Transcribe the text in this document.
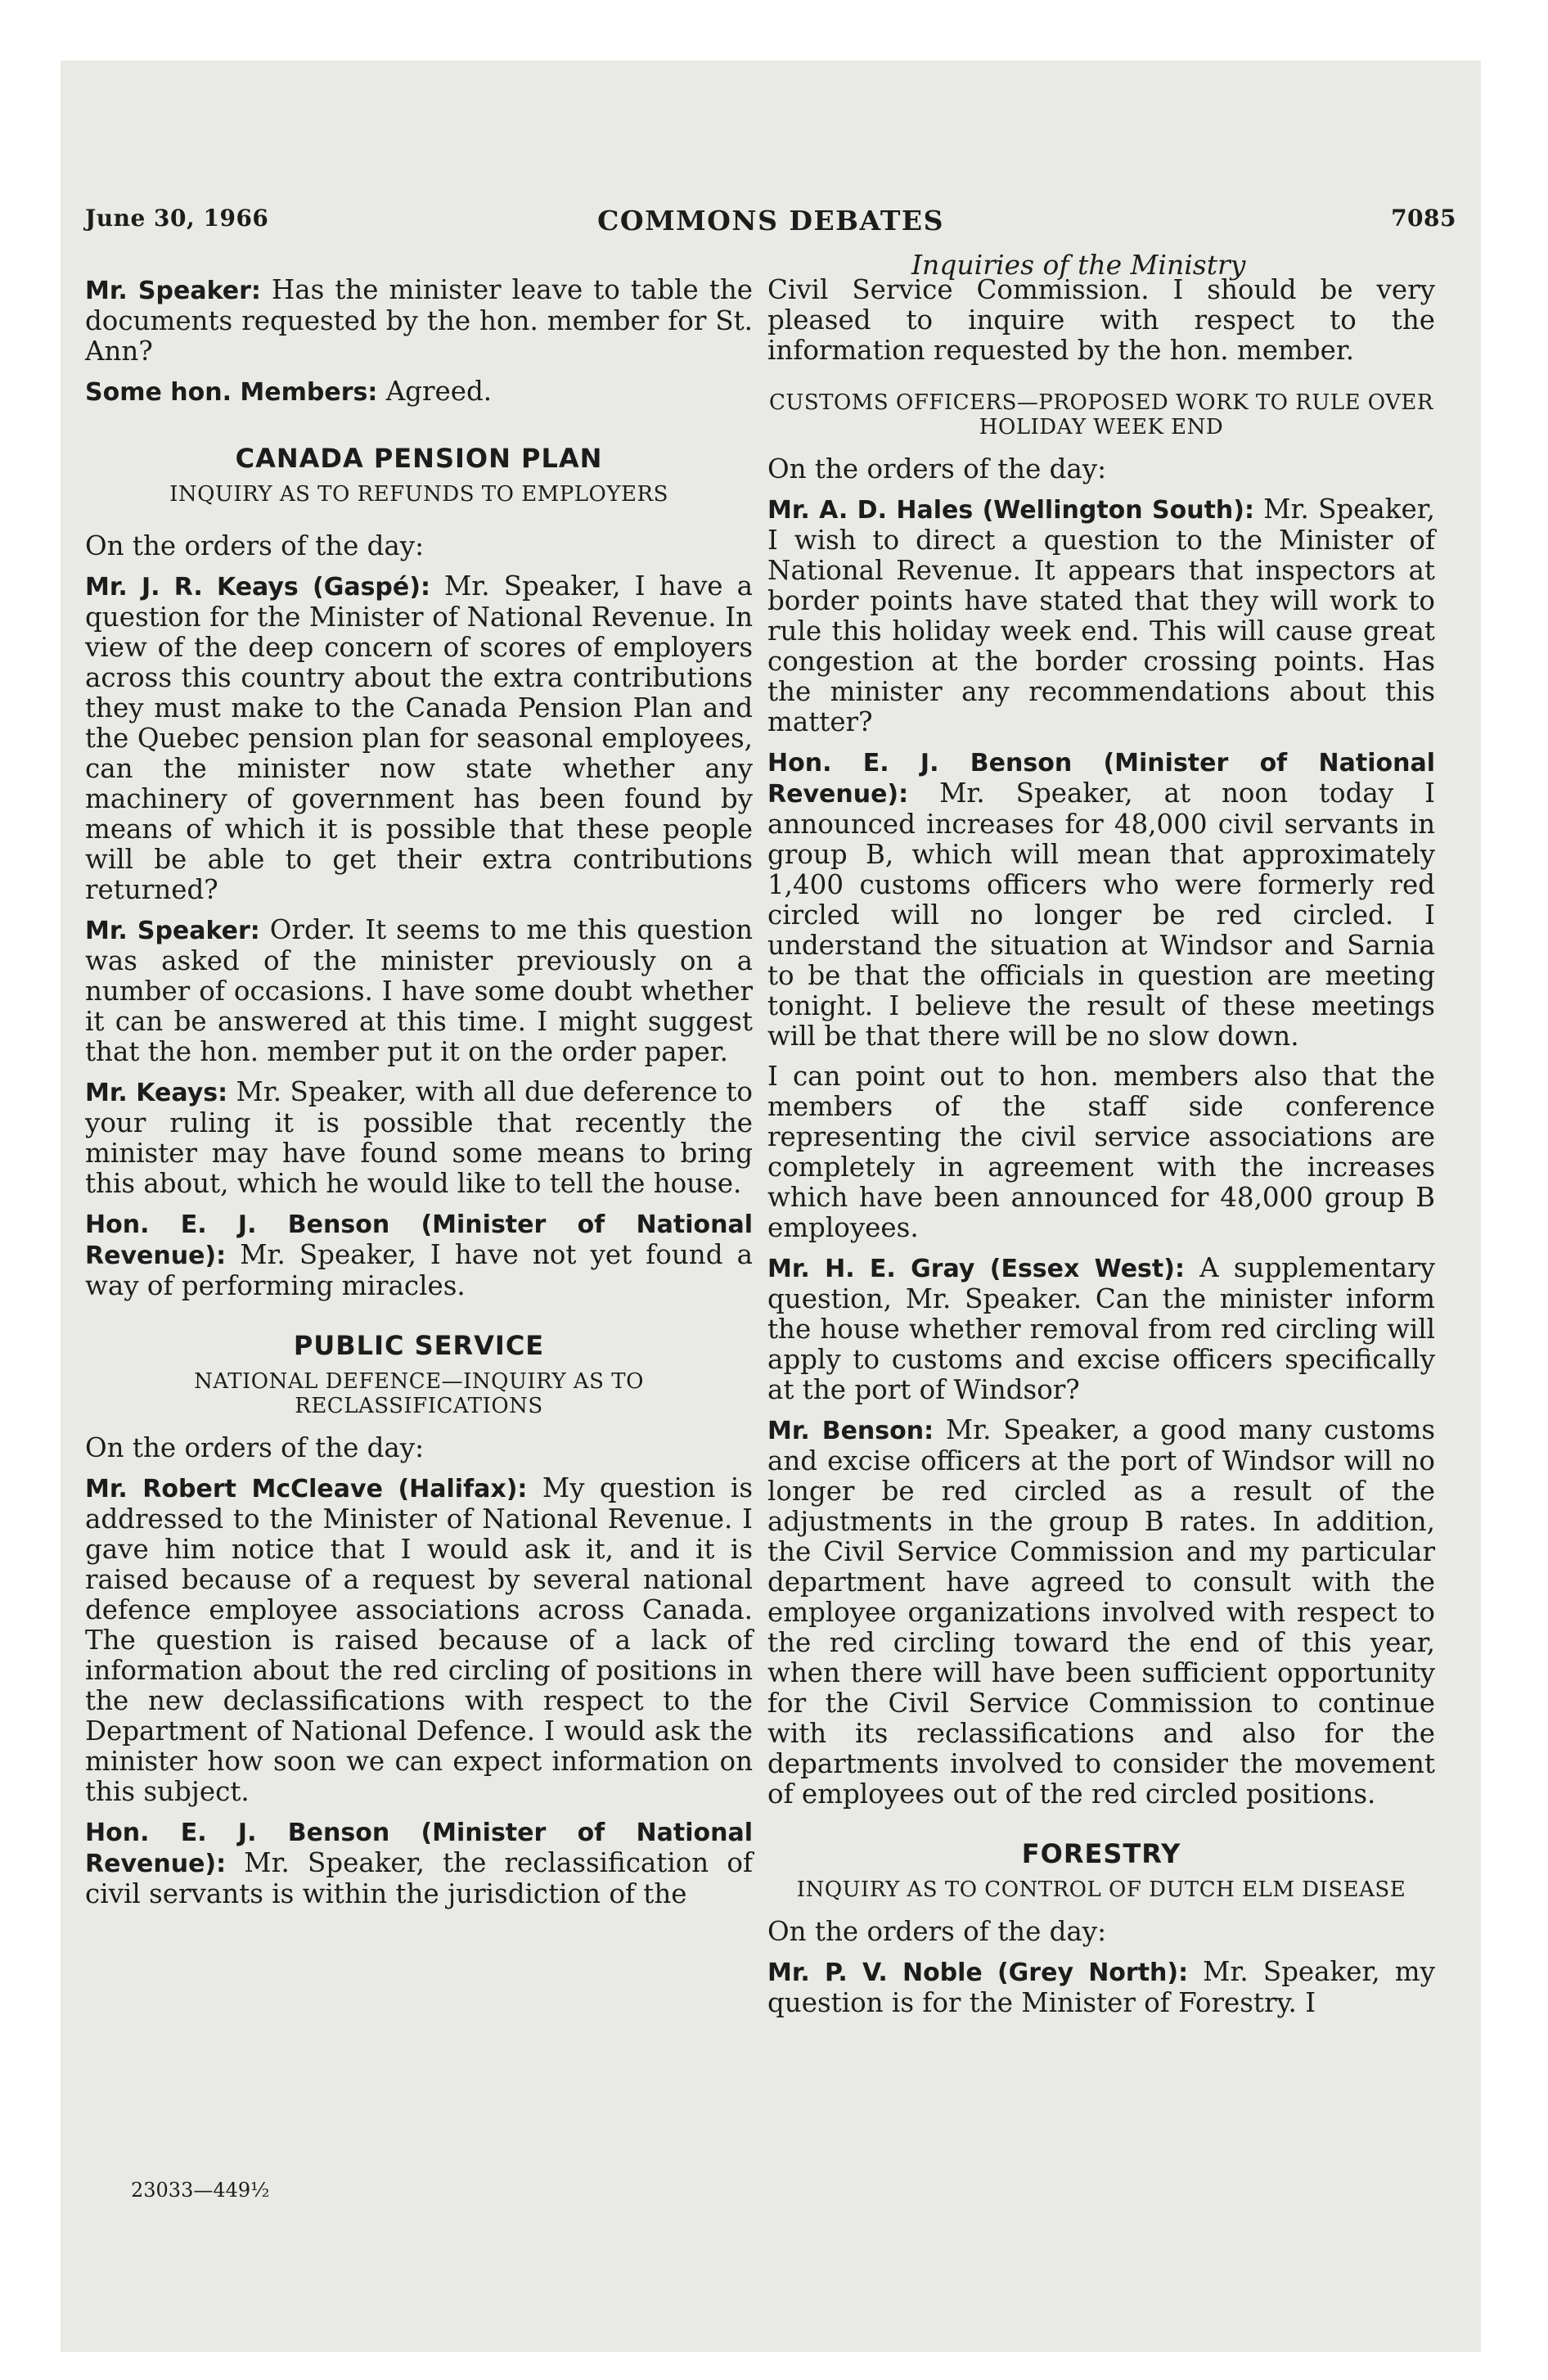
June 30, 1966	COMMONS DEBATES	7085
Inquiries of the Ministry

Mr. Speaker: Has the minister leave to table the documents requested by the hon. member for St. Ann?

Some hon. Members: Agreed.

CANADA PENSION PLAN
INQUIRY AS TO REFUNDS TO EMPLOYERS

On the orders of the day:

Mr. J. R. Keays (Gaspé): Mr. Speaker, I have a question for the Minister of National Revenue. In view of the deep concern of scores of employers across this country about the extra contributions they must make to the Canada Pension Plan and the Quebec pension plan for seasonal employees, can the minister now state whether any machinery of government has been found by means of which it is possible that these people will be able to get their extra contributions returned?

Mr. Speaker: Order. It seems to me this question was asked of the minister previously on a number of occasions. I have some doubt whether it can be answered at this time. I might suggest that the hon. member put it on the order paper.

Mr. Keays: Mr. Speaker, with all due deference to your ruling it is possible that recently the minister may have found some means to bring this about, which he would like to tell the house.

Hon. E. J. Benson (Minister of National Revenue): Mr. Speaker, I have not yet found a way of performing miracles.

PUBLIC SERVICE
NATIONAL DEFENCE—INQUIRY AS TO RECLASSIFICATIONS

On the orders of the day:

Mr. Robert McCleave (Halifax): My question is addressed to the Minister of National Revenue. I gave him notice that I would ask it, and it is raised because of a request by several national defence employee associations across Canada. The question is raised because of a lack of information about the red circling of positions in the new declassifications with respect to the Department of National Defence. I would ask the minister how soon we can expect information on this subject.

Hon. E. J. Benson (Minister of National Revenue): Mr. Speaker, the reclassification of civil servants is within the jurisdiction of the

Civil Service Commission. I should be very pleased to inquire with respect to the information requested by the hon. member.

CUSTOMS OFFICERS—PROPOSED WORK TO RULE OVER HOLIDAY WEEK END

On the orders of the day:

Mr. A. D. Hales (Wellington South): Mr. Speaker, I wish to direct a question to the Minister of National Revenue. It appears that inspectors at border points have stated that they will work to rule this holiday week end. This will cause great congestion at the border crossing points. Has the minister any recommendations about this matter?

Hon. E. J. Benson (Minister of National Revenue): Mr. Speaker, at noon today I announced increases for 48,000 civil servants in group B, which will mean that approximately 1,400 customs officers who were formerly red circled will no longer be red circled. I understand the situation at Windsor and Sarnia to be that the officials in question are meeting tonight. I believe the result of these meetings will be that there will be no slow down.

I can point out to hon. members also that the members of the staff side conference representing the civil service associations are completely in agreement with the increases which have been announced for 48,000 group B employees.

Mr. H. E. Gray (Essex West): A supplementary question, Mr. Speaker. Can the minister inform the house whether removal from red circling will apply to customs and excise officers specifically at the port of Windsor?

Mr. Benson: Mr. Speaker, a good many customs and excise officers at the port of Windsor will no longer be red circled as a result of the adjustments in the group B rates. In addition, the Civil Service Commission and my particular department have agreed to consult with the employee organizations involved with respect to the red circling toward the end of this year, when there will have been sufficient opportunity for the Civil Service Commission to continue with its reclassifications and also for the departments involved to consider the movement of employees out of the red circled positions.

FORESTRY
INQUIRY AS TO CONTROL OF DUTCH ELM DISEASE

On the orders of the day:

Mr. P. V. Noble (Grey North): Mr. Speaker, my question is for the Minister of Forestry. I

23033—449½
